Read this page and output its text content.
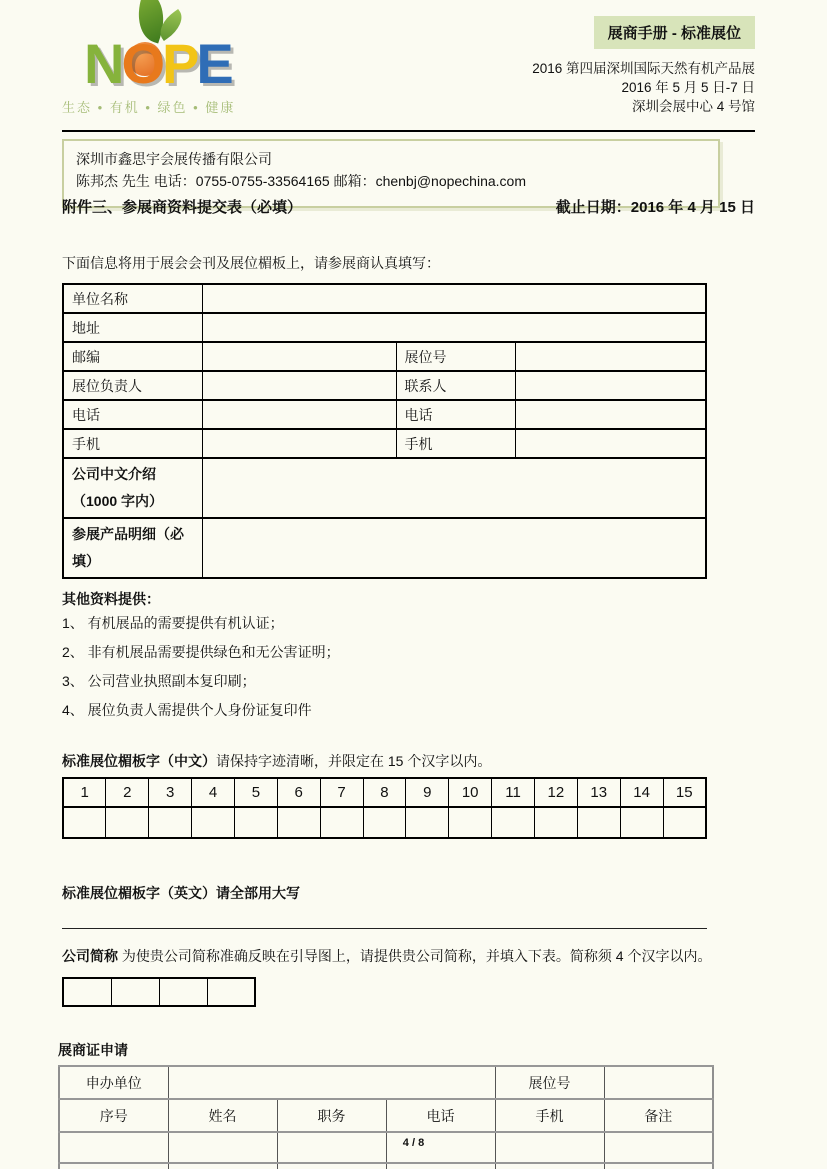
N
OPE
生态 • 有机 • 绿色 • 健康
展商手册 - 标准展位
2016 第四届深圳国际天然有机产品展
2016 年 5 月 5 日-7 日
深圳会展中心 4 号馆
深圳市鑫思宇会展传播有限公司
陈邦杰 先生 电话：0755-0755-33564165 邮箱：chenbj@nopechina.com
附件三、参展商资料提交表（必填）	截止日期：2016 年 4 月 15 日
下面信息将用于展会会刊及展位楣板上，请参展商认真填写：
单位名称			
地址			
邮编		展位号	
展位负责人		联系人	
电话		电话	
手机		手机	
公司中文介绍（1000 字内）			
参展产品明细（必填）			
其他资料提供：
1、 有机展品的需要提供有机认证；
2、 非有机展品需要提供绿色和无公害证明；
3、 公司营业执照副本复印刷；
4、 展位负责人需提供个人身份证复印件
标准展位楣板字（中文）请保持字迹清晰，并限定在 15 个汉字以内。
1	2	3	4	5	6	7	8	9	10	11	12	13	14	15

标准展位楣板字（英文）请全部用大写
公司简称 为使贵公司简称准确反映在引导图上，请提供贵公司简称，并填入下表。简称须 4 个汉字以内。

展商证申请
申办单位				展位号	
序号	姓名	职务	电话	手机	备注

4 / 8
